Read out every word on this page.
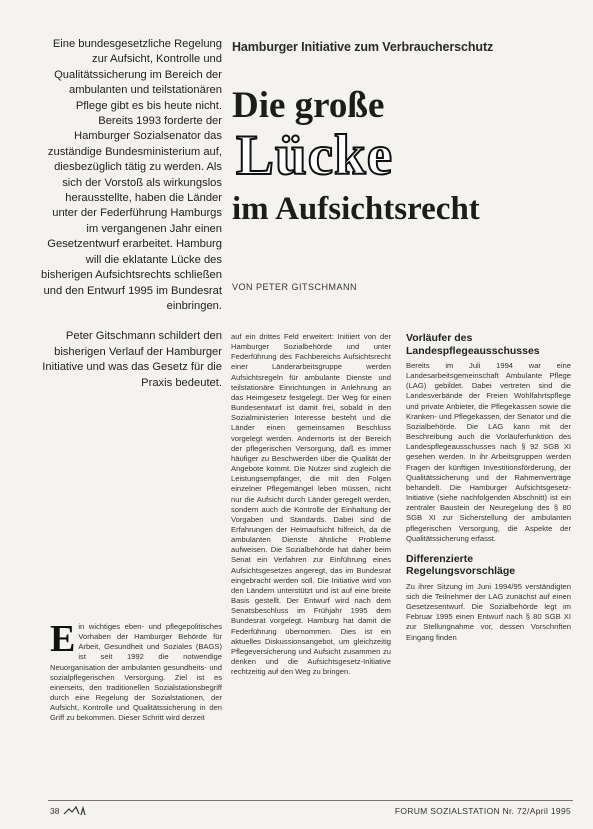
Eine bundesgesetzliche Regelung zur Aufsicht, Kontrolle und Qualitätssicherung im Bereich der ambulanten und teilstationären Pflege gibt es bis heute nicht. Bereits 1993 forderte der Hamburger Sozialsenator das zuständige Bundesministerium auf, diesbezüglich tätig zu werden. Als sich der Vorstoß als wirkungslos herausstellte, haben die Länder unter der Federführung Hamburgs im vergangenen Jahr einen Gesetzentwurf erarbeitet. Hamburg will die eklatante Lücke des bisherigen Aufsichtsrechts schließen und den Entwurf 1995 im Bundesrat einbringen.

Peter Gitschmann schildert den bisherigen Verlauf der Hamburger Initiative und was das Gesetz für die Praxis bedeutet.

Hamburger Initiative zum Verbraucherschutz
Die große
Lücke
im Aufsichtsrecht
VON PETER GITSCHMANN
E in wichtiges eben- und pflegepolitisches Vorhaben der Hamburger Behörde für Arbeit, Gesundheit und Soziales (BAGS) ist seit 1992 die notwendige Neuorganisation der ambulanten gesundheits- und sozialpflegerischen Versorgung. Ziel ist es einerseits, den traditionellen Sozialstationsbegriff durch eine Regelung der Sozialstationen, der Aufsicht, Kontrolle und Qualitätssicherung in den Griff zu bekommen. Dieser Schritt wird derzeit

auf ein drittes Feld erweitert: Initiiert von der Hamburger Sozialbehörde und unter Federführung des Fachbereichs Aufsichtsrecht einer Länderarbeitsgruppe werden Aufsichtsregeln für ambulante Dienste und teilstationäre Einrichtungen in Anlehnung an das Heimgesetz festgelegt. Der Weg für einen Bundesentwurf ist damit frei, sobald in den Sozialministerien Interesse besteht und die Länder einen gemeinsamen Beschluss vorgelegt werden. Andernorts ist der Bereich der pflegerischen Versorgung, daß es immer häufiger zu Beschwerden über die Qualität der Angebote kommt. Die Nutzer sind zugleich die Leistungsempfänger, die mit den Folgen einzelner Pflegemängel leben müssen, nicht nur die Aufsicht durch Länder geregelt werden, sondern auch die Kontrolle der Einhaltung der Vorgaben und Standards. Dabei sind die Erfahrungen der Heimaufsicht hilfreich, da die ambulanten Dienste ähnliche Probleme aufweisen. Die Sozialbehörde hat daher beim Senat ein Verfahren zur Einführung eines Aufsichtsgesetzes angeregt, das im Bundesrat eingebracht werden soll. Die Initiative wird von den Ländern unterstützt und ist auf eine breite Basis gestellt. Der Entwurf wird nach dem Senatsbeschluss im Frühjahr 1995 dem Bundesrat vorgelegt. Hamburg hat damit die Federführung übernommen. Dies ist ein aktuelles Diskussionsangebot, um gleichzeitig Pflegeversicherung und Aufsicht zusammen zu denken und die Aufsichtsgesetz-Initiative rechtzeitig auf den Weg zu bringen.

Vorläufer des Landespflegeausschusses

Bereits im Juli 1994 war eine Landesarbeitsgemeinschaft Ambulante Pflege (LAG) gebildet. Dabei vertreten sind die Landesverbände der Freien Wohlfahrtspflege und private Anbieter, die Pflegekassen sowie die Kranken- und Pflegekassen, der Senator und die Sozialbehörde. Die LAG kann mit der Beschreibung auch die Vorläuferfunktion des Landespflegeausschusses nach § 92 SGB XI gesehen werden. In ihr Arbeitsgruppen werden Fragen der künftigen Investitionsförderung, der Qualitätssicherung und der Rahmenverträge behandelt. Die Hamburger Aufsichtsgesetz-Initiative (siehe nachfolgenden Abschnitt) ist ein zentraler Baustein der Neuregelung des § 80 SGB XI zur Sicherstellung der ambulanten pflegerischen Versorgung, die Aspekte der Qualitätssicherung erfasst.

Differenzierte Regelungsvorschläge

Zu ihrer Sitzung im Juni 1994/95 verständigten sich die Teilnehmer der LAG zunächst auf einen Gesetzesentwurf. Die Sozialbehörde legt im Februar 1995 einen Entwurf nach § 80 SGB XI zur Stellungnahme vor, dessen Vorschriften Eingang finden

38	FORUM SOZIALSTATION Nr. 72/April 1995
